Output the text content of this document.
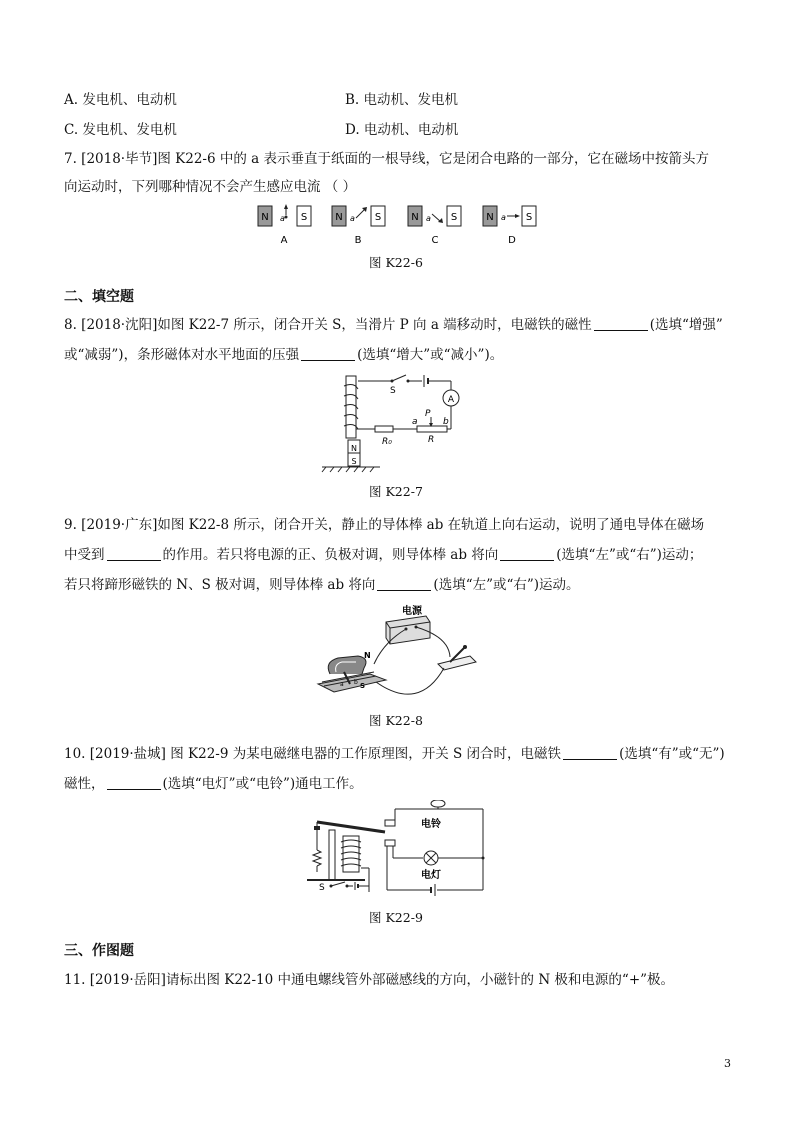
A. 发电机、电动机	B. 电动机、发电机
C. 发电机、发电机	D. 电动机、电动机
7. [2018·毕节]图 K22-6 中的 a 表示垂直于纸面的一根导线，它是闭合电路的一部分，它在磁场中按箭头方
向运动时，下列哪种情况不会产生感应电流 （ ）
N	S
a
A
N	S
a
B
N	S
a
C
N	S
a
D
图 K22-6
二、填空题
8. [2018·沈阳]如图 K22-7 所示，闭合开关 S，当滑片 P 向 a 端移动时，电磁铁的磁性	(选填“增强”
或“减弱”)，条形磁体对水平地面的压强	(选填“增大”或“减小”)。
S
A
a	b
P
R
R₀
N
S
图 K22-7
9. [2019·广东]如图 K22-8 所示，闭合开关，静止的导体棒 ab 在轨道上向右运动，说明了通电导体在磁场
中受到	的作用。若只将电源的正、负极对调，则导体棒 ab 将向	(选填“左”或“右”)运动；
若只将蹄形磁铁的 N、S 极对调，则导体棒 ab 将向	(选填“左”或“右”)运动。
电源
N
S
a b
图 K22-8
10. [2019·盐城] 图 K22-9 为某电磁继电器的工作原理图，开关 S 闭合时，电磁铁	(选填“有”或“无”)
磁性，	(选填“电灯”或“电铃”)通电工作。
电铃
电灯
S
图 K22-9
三、作图题
11. [2019·岳阳]请标出图 K22-10 中通电螺线管外部磁感线的方向，小磁针的 N 极和电源的“+”极。
3
